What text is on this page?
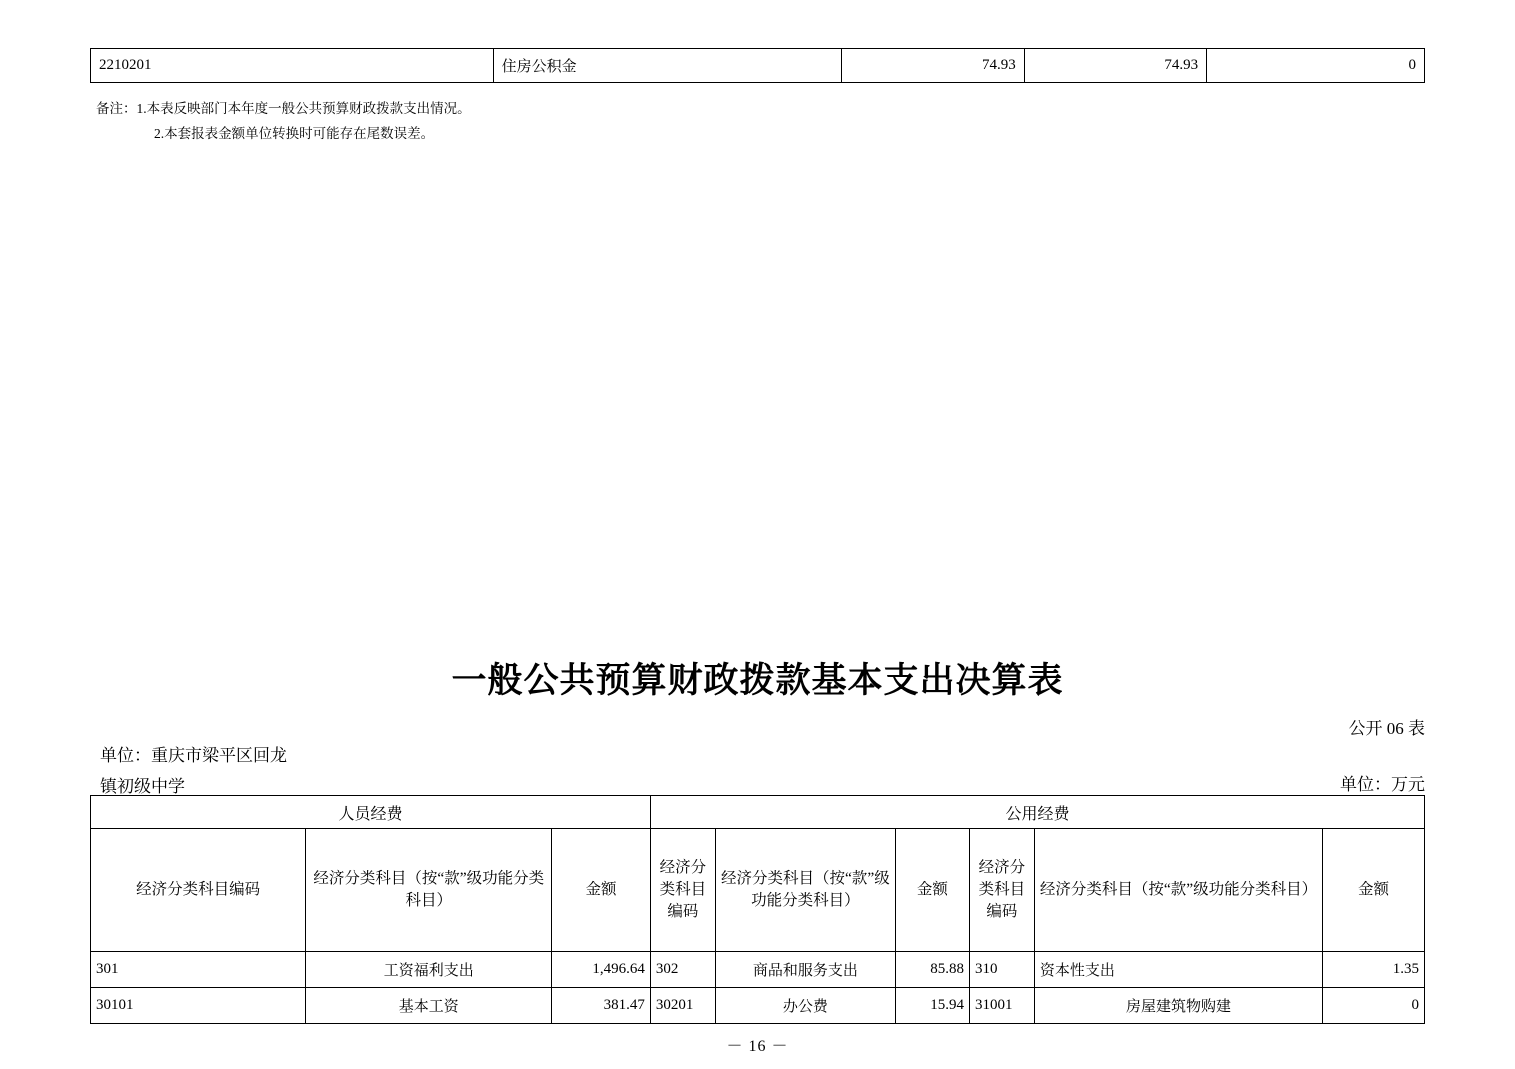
2210201	住房公积金	74.93	74.93	0
备注：1.本表反映部门本年度一般公共预算财政拨款支出情况。
2.本套报表金额单位转换时可能存在尾数误差。
一般公共预算财政拨款基本支出决算表
公开 06 表
单位：重庆市梁平区回龙
镇初级中学	单位：万元
人员经费			公用经费					
经济分类科目编码	经济分类科目（按“款”级功能分类科目）	金额	经济分类科目编码	经济分类科目（按“款”级功能分类科目）	金额	经济分类科目编码	经济分类科目（按“款”级功能分类科目）	金额
301	工资福利支出	1,496.64	302	商品和服务支出	85.88	310	资本性支出	1.35
30101	基本工资	381.47	30201	办公费	15.94	31001	房屋建筑物购建	0
－ 16 －
